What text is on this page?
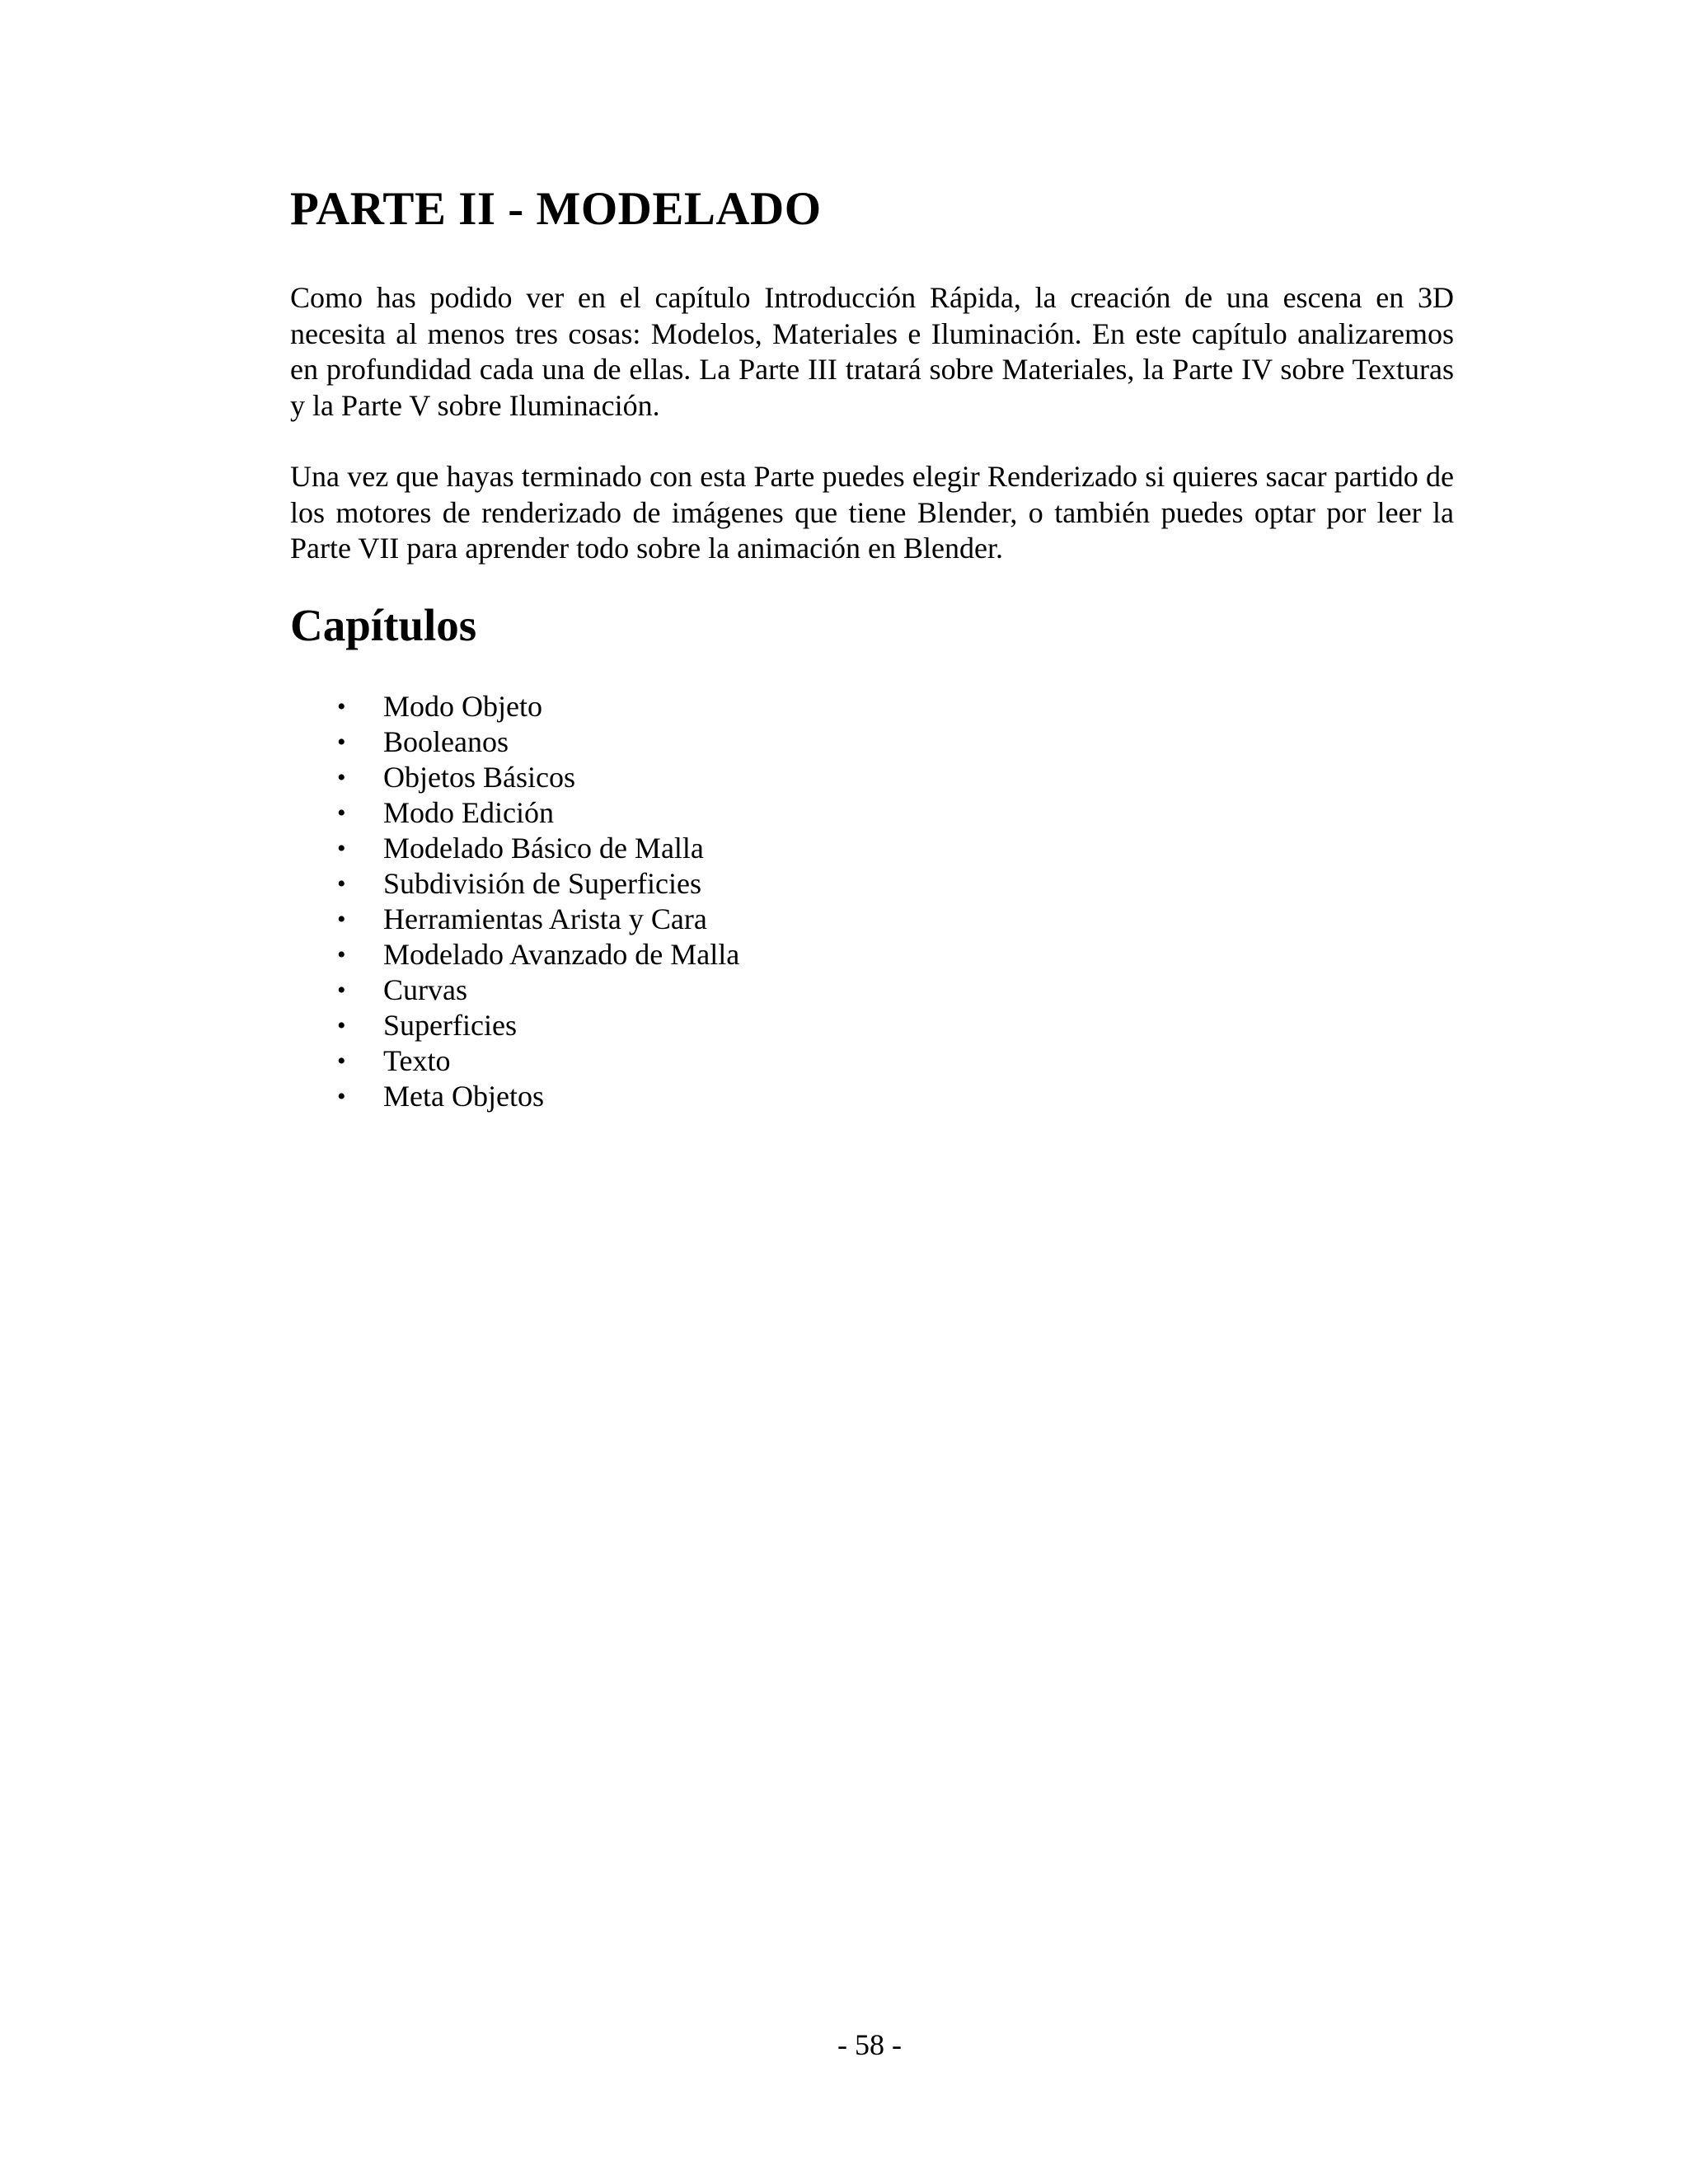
PARTE II - MODELADO

Como has podido ver en el capítulo Introducción Rápida, la creación de una escena en 3D necesita al menos tres cosas: Modelos, Materiales e Iluminación. En este capítulo analizaremos en profundidad cada una de ellas. La Parte III tratará sobre Materiales, la Parte IV sobre Texturas y la Parte V sobre Iluminación.

Una vez que hayas terminado con esta Parte puedes elegir Renderizado si quieres sacar partido de los motores de renderizado de imágenes que tiene Blender, o también puedes optar por leer la Parte VII para aprender todo sobre la animación en Blender.

Capítulos
• Modo Objeto
• Booleanos
• Objetos Básicos
• Modo Edición
• Modelado Básico de Malla
• Subdivisión de Superficies
• Herramientas Arista y Cara
• Modelado Avanzado de Malla
• Curvas
• Superficies
• Texto
• Meta Objetos
- 58 -
